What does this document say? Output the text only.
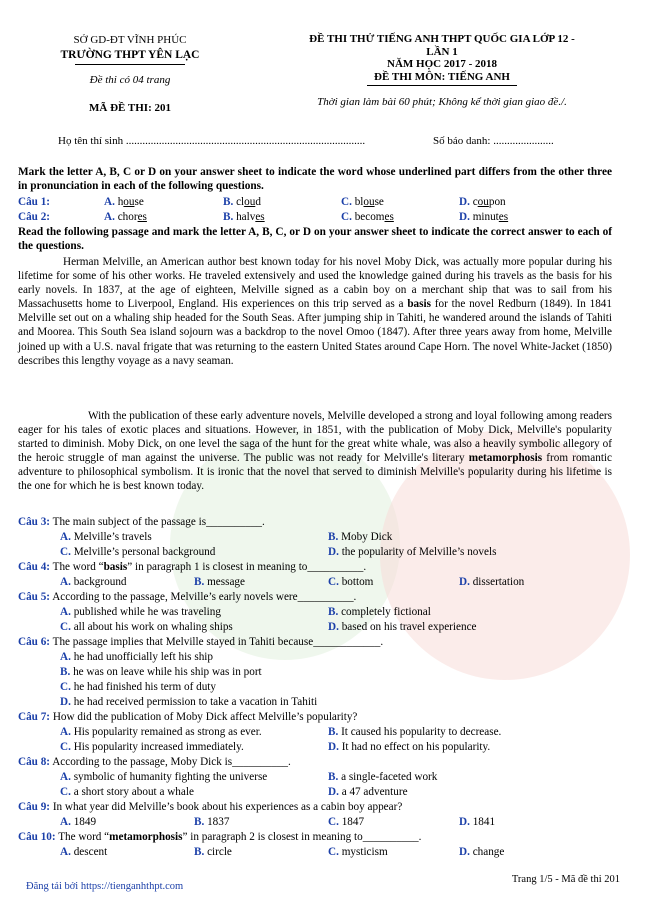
SỞ GD-ĐT VĨNH PHÚC
TRƯỜNG THPT YÊN LẠC
Đề thi có 04 trang
MÃ ĐỀ THI: 201
ĐỀ THI THỬ TIẾNG ANH THPT QUỐC GIA LỚP 12 -
LẦN 1
NĂM HỌC 2017 - 2018
ĐỀ THI MÔN: TIẾNG ANH
Thời gian làm bài 60 phút; Không kể thời gian giao đề./.
Họ tên thí sinh .......................................................................................	Số báo danh: ......................
Mark the letter A, B, C or D on your answer sheet to indicate the word whose underlined part differs from the other three in pronunciation in each of the following questions.
Câu 1:	A. house	B. cloud	C. blouse	D. coupon
Câu 2:	A. chores	B. halves	C. becomes	D. minutes
Read the following passage and mark the letter A, B, C, or D on your answer sheet to indicate the correct answer to each of the questions.
Herman Melville, an American author best known today for his novel Moby Dick, was actually more popular during his lifetime for some of his other works. He traveled extensively and used the knowledge gained during his travels as the basis for his early novels. In 1837, at the age of eighteen, Melville signed as a cabin boy on a merchant ship that was to sail from his Massachusetts home to Liverpool, England. His experiences on this trip served as a basis for the novel Redburn (1849). In 1841 Melville set out on a whaling ship headed for the South Seas. After jumping ship in Tahiti, he wandered around the islands of Tahiti and Moorea. This South Sea island sojourn was a backdrop to the novel Omoo (1847). After three years away from home, Melville joined up with a U.S. naval frigate that was returning to the eastern United States around Cape Horn. The novel White-Jacket (1850) describes this lengthy voyage as a navy seaman.
With the publication of these early adventure novels, Melville developed a strong and loyal following among readers eager for his tales of exotic places and situations. However, in 1851, with the publication of Moby Dick, Melville's popularity started to diminish. Moby Dick, on one level the saga of the hunt for the great white whale, was also a heavily symbolic allegory of the heroic struggle of man against the universe. The public was not ready for Melville's literary metamorphosis from romantic adventure to philosophical symbolism. It is ironic that the novel that served to diminish Melville's popularity during his lifetime is the one for which he is best known today.
Câu 3: The main subject of the passage is__________.
A. Melville’s travels	B. Moby Dick
C. Melville’s personal background	D. the popularity of Melville’s novels
Câu 4: The word “basis” in paragraph 1 is closest in meaning to__________.
A. background	B. message	C. bottom	D. dissertation
Câu 5: According to the passage, Melville’s early novels were__________.
A. published while he was traveling	B. completely fictional
C. all about his work on whaling ships	D. based on his travel experience
Câu 6: The passage implies that Melville stayed in Tahiti because____________.
A. he had unofficially left his ship
B. he was on leave while his ship was in port
C. he had finished his term of duty
D. he had received permission to take a vacation in Tahiti
Câu 7: How did the publication of Moby Dick affect Melville’s popularity?
A. His popularity remained as strong as ever.	B. It caused his popularity to decrease.
C. His popularity increased immediately.	D. It had no effect on his popularity.
Câu 8: According to the passage, Moby Dick is__________.
A. symbolic of humanity fighting the universe	B. a single-faceted work
C. a short story about a whale	D. a 47 adventure
Câu 9: In what year did Melville’s book about his experiences as a cabin boy appear?
A. 1849	B. 1837	C. 1847	D. 1841
Câu 10: The word “metamorphosis” in paragraph 2 is closest in meaning to__________.
A. descent	B. circle	C. mysticism	D. change
Đăng tải bởi https://tienganhthpt.com
Trang 1/5 - Mã đề thi 201
